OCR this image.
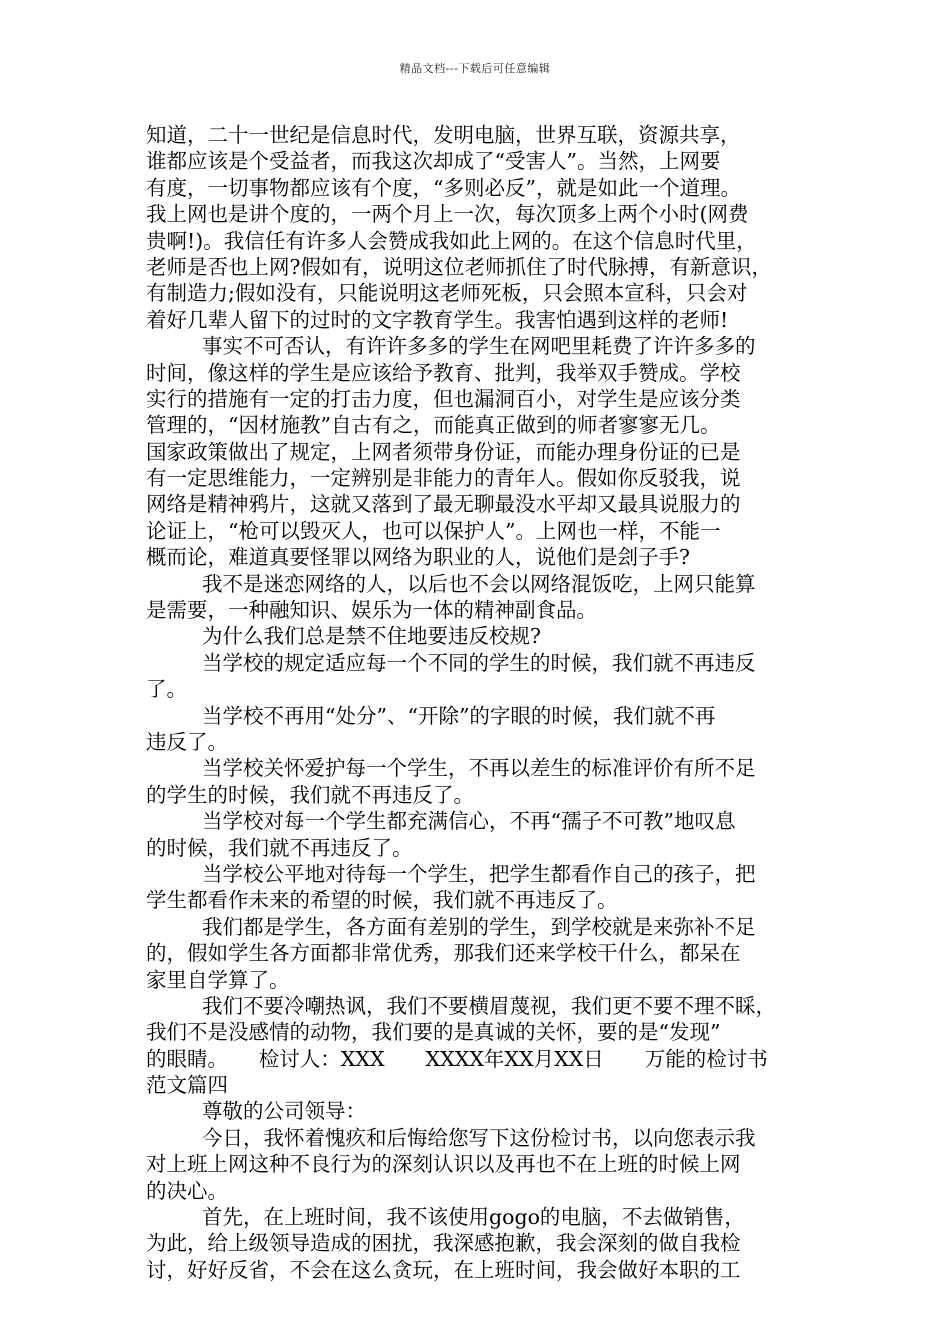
精品文档---下载后可任意编辑
知道，二十一世纪是信息时代，发明电脑，世界互联，资源共享，
谁都应该是个受益者，而我这次却成了“受害人”。当然，上网要
有度，一切事物都应该有个度，“多则必反”，就是如此一个道理。
我上网也是讲个度的，一两个月上一次，每次顶多上两个小时(网费
贵啊!)。我信任有许多人会赞成我如此上网的。在这个信息时代里，
老师是否也上网?假如有，说明这位老师抓住了时代脉搏，有新意识，
有制造力;假如没有，只能说明这老师死板，只会照本宣科，只会对
着好几辈人留下的过时的文字教育学生。我害怕遇到这样的老师!
事实不可否认，有许许多多的学生在网吧里耗费了许许多多的
时间，像这样的学生是应该给予教育、批判，我举双手赞成。学校
实行的措施有一定的打击力度，但也漏洞百小，对学生是应该分类
管理的，“因材施教”自古有之，而能真正做到的师者寥寥无几。
国家政策做出了规定，上网者须带身份证，而能办理身份证的已是
有一定思维能力，一定辨别是非能力的青年人。假如你反驳我，说
网络是精神鸦片，这就又落到了最无聊最没水平却又最具说服力的
论证上，“枪可以毁灭人，也可以保护人”。上网也一样，不能一
概而论，难道真要怪罪以网络为职业的人，说他们是刽子手?
我不是迷恋网络的人，以后也不会以网络混饭吃，上网只能算
是需要，一种融知识、娱乐为一体的精神副食品。
为什么我们总是禁不住地要违反校规?
当学校的规定适应每一个不同的学生的时候，我们就不再违反
了。
当学校不再用“处分”、“开除”的字眼的时候，我们就不再
违反了。
当学校关怀爱护每一个学生，不再以差生的标准评价有所不足
的学生的时候，我们就不再违反了。
当学校对每一个学生都充满信心，不再“孺子不可教”地叹息
的时候，我们就不再违反了。
当学校公平地对待每一个学生，把学生都看作自己的孩子，把
学生都看作未来的希望的时候，我们就不再违反了。
我们都是学生，各方面有差别的学生，到学校就是来弥补不足
的，假如学生各方面都非常优秀，那我们还来学校干什么，都呆在
家里自学算了。
我们不要冷嘲热讽，我们不要横眉蔑视，我们更不要不理不睬，
我们不是没感情的动物，我们要的是真诚的关怀，要的是“发现”
的眼睛。　　检讨人：XXX　　XXXX年XX月XX日　　万能的检讨书
范文篇四
尊敬的公司领导：
今日，我怀着愧疚和后悔给您写下这份检讨书，以向您表示我
对上班上网这种不良行为的深刻认识以及再也不在上班的时候上网
的决心。
首先，在上班时间，我不该使用gogo的电脑，不去做销售，
为此，给上级领导造成的困扰，我深感抱歉，我会深刻的做自我检
讨，好好反省，不会在这么贪玩，在上班时间，我会做好本职的工
